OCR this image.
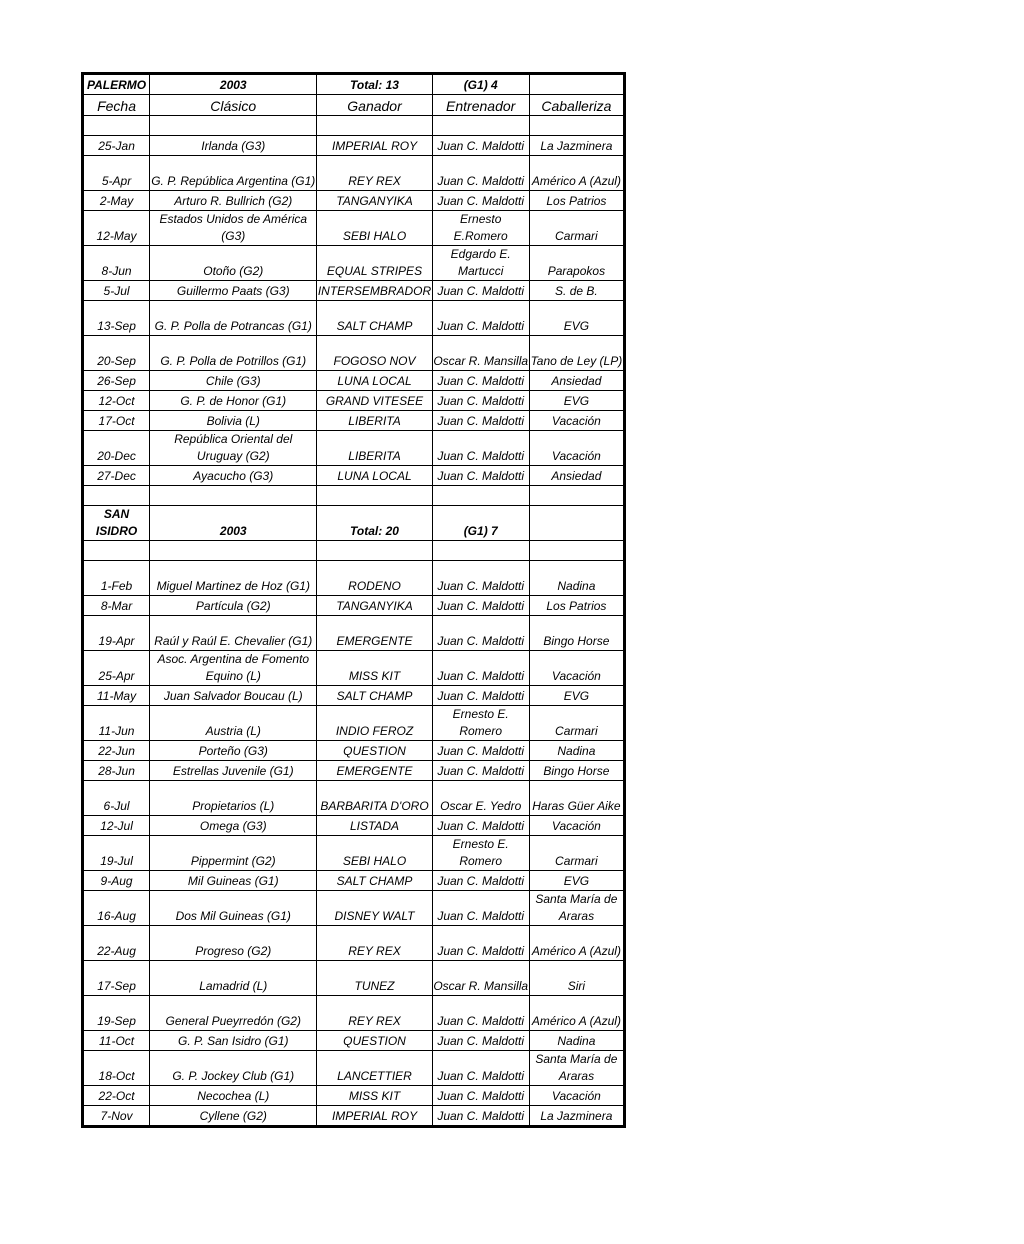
PALERMO	2003	Total: 13	(G1) 4	
Fecha	Clásico	Ganador	Entrenador	Caballeriza

25-Jan	Irlanda (G3)	IMPERIAL ROY	Juan C. Maldotti	La Jazminera
5-Apr	G. P. República Argentina (G1)	REY REX	Juan C. Maldotti	Américo A (Azul)
2-May	Arturo R. Bullrich (G2)	TANGANYIKA	Juan C. Maldotti	Los Patrios
12-May	Estados Unidos de América (G3)	SEBI HALO	Ernesto E.Romero	Carmari
8-Jun	Otoño (G2)	EQUAL STRIPES	Edgardo E. Martucci	Parapokos
5-Jul	Guillermo Paats (G3)	INTERSEMBRADOR	Juan C. Maldotti	S. de B.
13-Sep	G. P. Polla de Potrancas (G1)	SALT CHAMP	Juan C. Maldotti	EVG
20-Sep	G. P. Polla de Potrillos (G1)	FOGOSO NOV	Oscar R. Mansilla	Tano de Ley (LP)
26-Sep	Chile (G3)	LUNA LOCAL	Juan C. Maldotti	Ansiedad
12-Oct	G. P. de Honor (G1)	GRAND VITESEE	Juan C. Maldotti	EVG
17-Oct	Bolivia (L)	LIBERITA	Juan C. Maldotti	Vacación
20-Dec	República Oriental del Uruguay (G2)	LIBERITA	Juan C. Maldotti	Vacación
27-Dec	Ayacucho (G3)	LUNA LOCAL	Juan C. Maldotti	Ansiedad

SAN ISIDRO	2003	Total: 20	(G1) 7	

1-Feb	Miguel Martinez de Hoz (G1)	RODENO	Juan C. Maldotti	Nadina
8-Mar	Partícula (G2)	TANGANYIKA	Juan C. Maldotti	Los Patrios
19-Apr	Raúl y Raúl E. Chevalier (G1)	EMERGENTE	Juan C. Maldotti	Bingo Horse
25-Apr	Asoc. Argentina de Fomento Equino (L)	MISS KIT	Juan C. Maldotti	Vacación
11-May	Juan Salvador Boucau (L)	SALT CHAMP	Juan C. Maldotti	EVG
11-Jun	Austria (L)	INDIO FEROZ	Ernesto E. Romero	Carmari
22-Jun	Porteño (G3)	QUESTION	Juan C. Maldotti	Nadina
28-Jun	Estrellas Juvenile (G1)	EMERGENTE	Juan C. Maldotti	Bingo Horse
6-Jul	Propietarios (L)	BARBARITA D'ORO	Oscar E. Yedro	Haras Güer Aike
12-Jul	Omega (G3)	LISTADA	Juan C. Maldotti	Vacación
19-Jul	Pippermint (G2)	SEBI HALO	Ernesto E. Romero	Carmari
9-Aug	Mil Guineas (G1)	SALT CHAMP	Juan C. Maldotti	EVG
16-Aug	Dos Mil Guineas (G1)	DISNEY WALT	Juan C. Maldotti	Santa María de Araras
22-Aug	Progreso (G2)	REY REX	Juan C. Maldotti	Américo A (Azul)
17-Sep	Lamadrid (L)	TUNEZ	Oscar R. Mansilla	Siri
19-Sep	General Pueyrredón (G2)	REY REX	Juan C. Maldotti	Américo A (Azul)
11-Oct	G. P. San Isidro (G1)	QUESTION	Juan C. Maldotti	Nadina
18-Oct	G. P. Jockey Club (G1)	LANCETTIER	Juan C. Maldotti	Santa María de Araras
22-Oct	Necochea (L)	MISS KIT	Juan C. Maldotti	Vacación
7-Nov	Cyllene (G2)	IMPERIAL ROY	Juan C. Maldotti	La Jazminera
